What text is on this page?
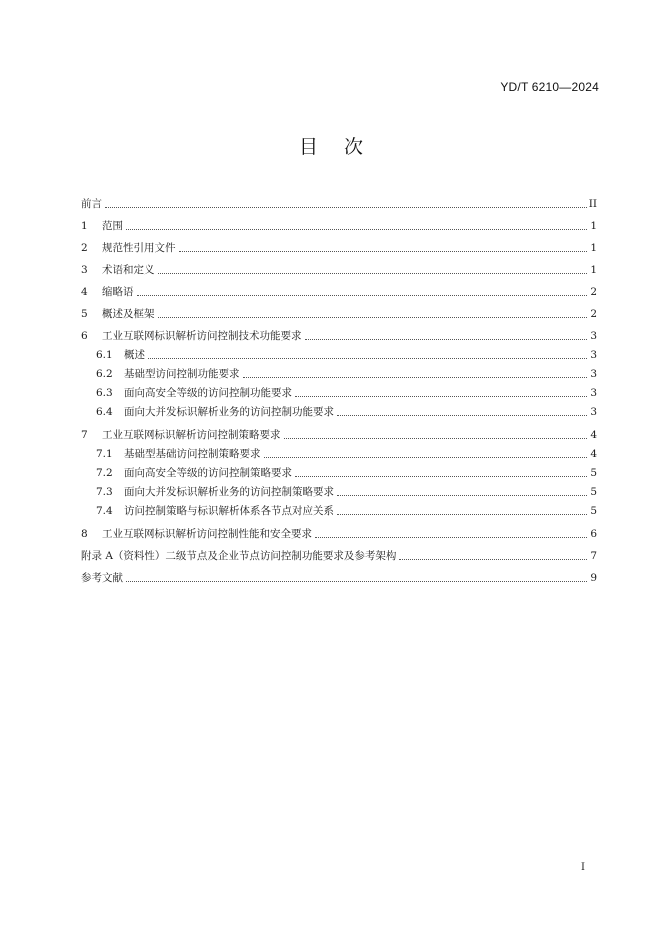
YD/T 6210—2024
目次
前言	II
1	范围	1
2	规范性引用文件	1
3	术语和定义	1
4	缩略语	2
5	概述及框架	2
6	工业互联网标识解析访问控制技术功能要求	3
6.1	概述	3
6.2	基础型访问控制功能要求	3
6.3	面向高安全等级的访问控制功能要求	3
6.4	面向大并发标识解析业务的访问控制功能要求	3
7	工业互联网标识解析访问控制策略要求	4
7.1	基础型基础访问控制策略要求	4
7.2	面向高安全等级的访问控制策略要求	5
7.3	面向大并发标识解析业务的访问控制策略要求	5
7.4	访问控制策略与标识解析体系各节点对应关系	5
8	工业互联网标识解析访问控制性能和安全要求	6
附录 A（资料性）二级节点及企业节点访问控制功能要求及参考架构	7
参考文献	9
I
